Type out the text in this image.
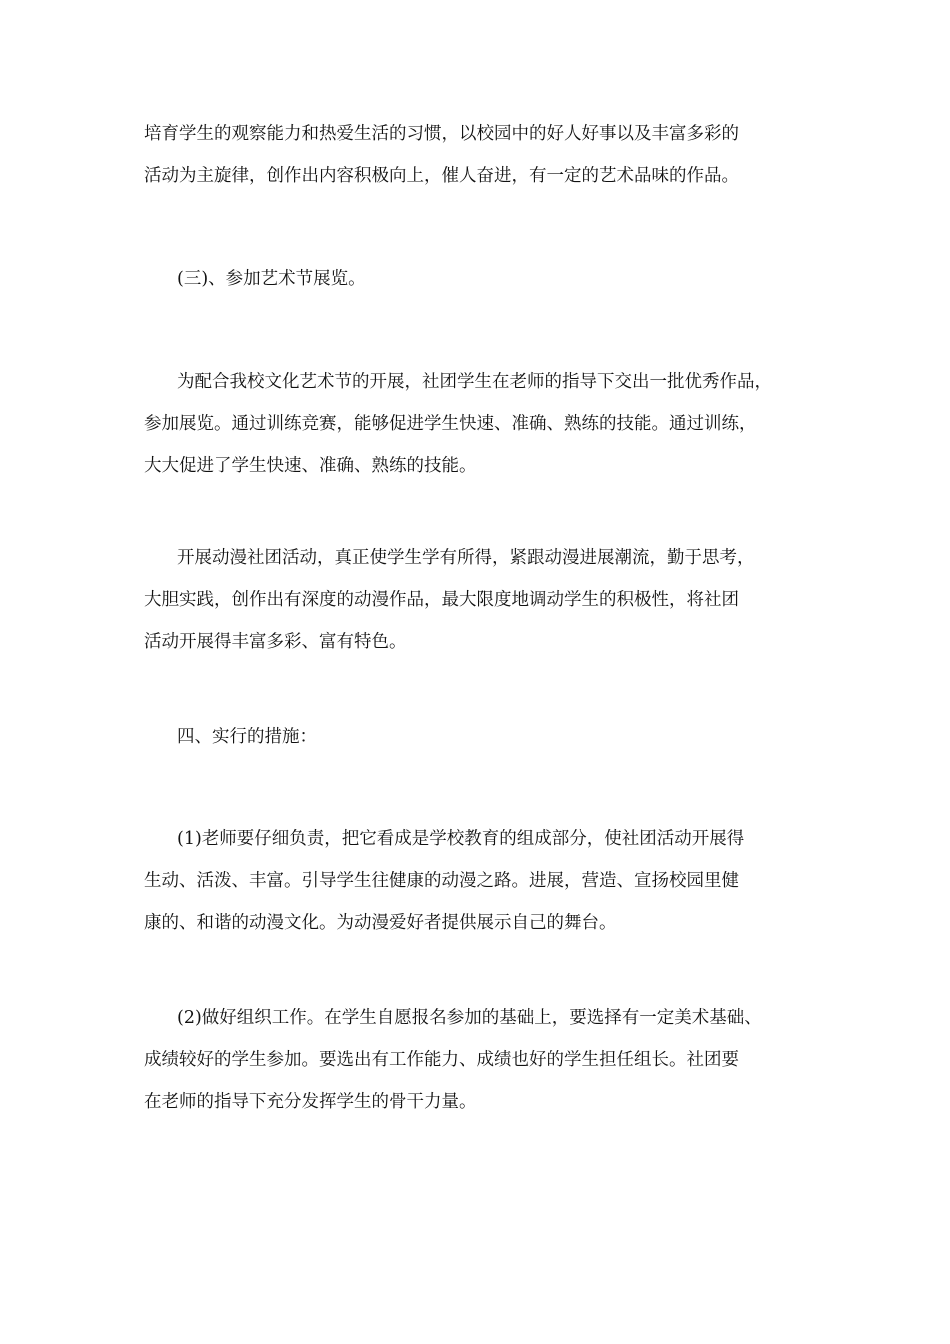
培育学生的观察能力和热爱生活的习惯，以校园中的好人好事以及丰富多彩的
活动为主旋律，创作出内容积极向上，催人奋进，有一定的艺术品味的作品。
(三)、参加艺术节展览。
为配合我校文化艺术节的开展，社团学生在老师的指导下交出一批优秀作品，
参加展览。通过训练竞赛，能够促进学生快速、准确、熟练的技能。通过训练，
大大促进了学生快速、准确、熟练的技能。
开展动漫社团活动，真正使学生学有所得，紧跟动漫进展潮流，勤于思考，
大胆实践，创作出有深度的动漫作品，最大限度地调动学生的积极性，将社团
活动开展得丰富多彩、富有特色。
四、实行的措施：
(1)老师要仔细负责，把它看成是学校教育的组成部分，使社团活动开展得
生动、活泼、丰富。引导学生往健康的动漫之路。进展，营造、宣扬校园里健
康的、和谐的动漫文化。为动漫爱好者提供展示自己的舞台。
(2)做好组织工作。在学生自愿报名参加的基础上，要选择有一定美术基础、
成绩较好的学生参加。要选出有工作能力、成绩也好的学生担任组长。社团要
在老师的指导下充分发挥学生的骨干力量。
